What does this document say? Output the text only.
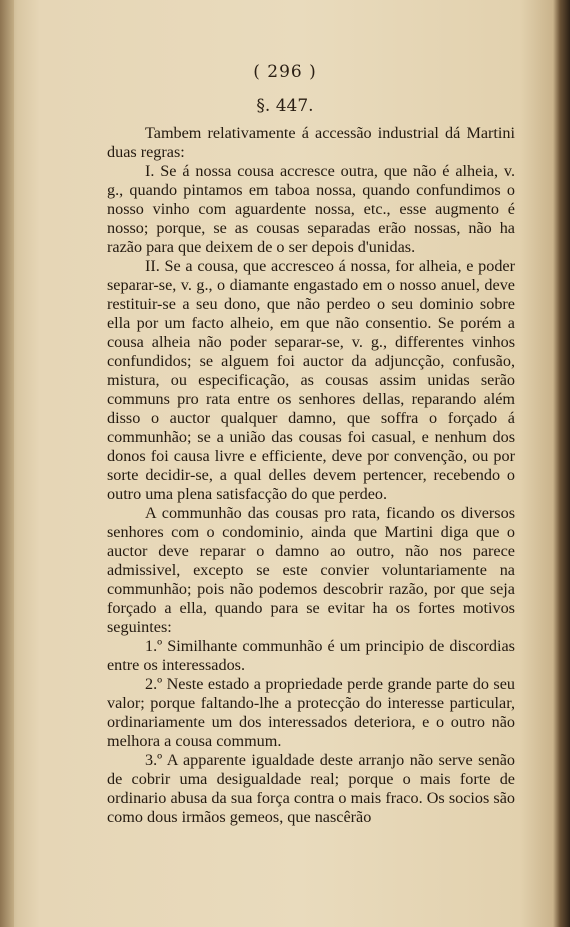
( 296 )
§. 447.

Tambem relativamente á accessão industrial dá Martini duas regras:

I. Se á nossa cousa accresce outra, que não é alheia, v. g., quando pintamos em taboa nossa, quando confundimos o nosso vinho com aguardente nossa, etc., esse augmento é nosso; porque, se as cousas separadas erão nossas, não ha razão para que deixem de o ser depois d'unidas.

II. Se a cousa, que accresceo á nossa, for alheia, e poder separar-se, v. g., o diamante engastado em o nosso anuel, deve restituir-se a seu dono, que não perdeo o seu dominio sobre ella por um facto alheio, em que não consentio. Se porém a cousa alheia não poder separar-se, v. g., differentes vinhos confundidos; se alguem foi auctor da adjuncção, confusão, mistura, ou especificação, as cousas assim unidas serão communs pro rata entre os senhores dellas, reparando além disso o auctor qualquer damno, que soffra o forçado á communhão; se a união das cousas foi casual, e nenhum dos donos foi causa livre e efficiente, deve por convenção, ou por sorte decidir-se, a qual delles devem pertencer, recebendo o outro uma plena satisfacção do que perdeo.

A communhão das cousas pro rata, ficando os diversos senhores com o condominio, ainda que Martini diga que o auctor deve reparar o damno ao outro, não nos parece admissivel, excepto se este convier voluntariamente na communhão; pois não podemos descobrir razão, por que seja forçado a ella, quando para se evitar ha os fortes motivos seguintes:

1.º Similhante communhão é um principio de discordias entre os interessados.

2.º Neste estado a propriedade perde grande parte do seu valor; porque faltando-lhe a protecção do interesse particular, ordinariamente um dos interessados deteriora, e o outro não melhora a cousa commum.

3.º A apparente igualdade deste arranjo não serve senão de cobrir uma desigualdade real; porque o mais forte de ordinario abusa da sua força contra o mais fraco. Os socios são como dous irmãos gemeos, que nascêrão
